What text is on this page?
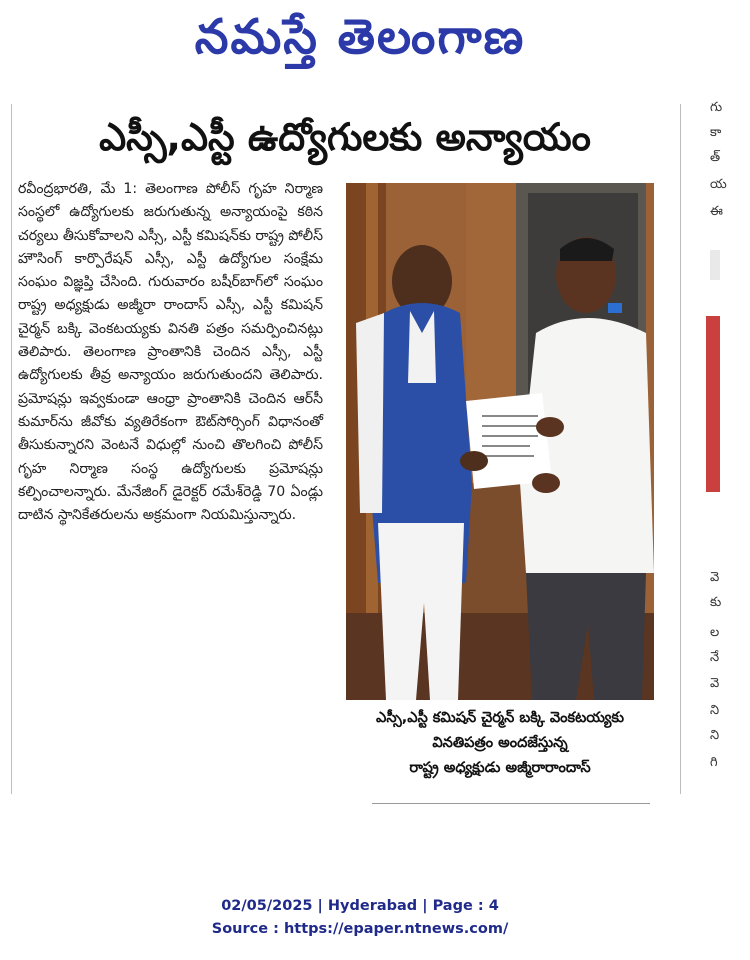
నమస్తే తెలంగాణ
ఎస్సీ,ఎస్టీ ఉద్యోగులకు అన్యాయం
రవీంద్రభారతి, మే 1: తెలంగాణ పోలీస్ గృహ నిర్మాణ సంస్థలో ఉద్యోగులకు జరుగుతున్న అన్యాయంపై కఠిన చర్యలు తీసుకోవాలని ఎస్సీ, ఎస్టీ కమిషన్‌కు రాష్ట్ర పోలీస్ హౌసింగ్ కార్పొరేషన్ ఎస్సీ, ఎస్టీ ఉద్యోగుల సంక్షేమ సంఘం విజ్ఞప్తి చేసింది. గురువారం బషీర్‌బాగ్‌లో సంఘం రాష్ట్ర అధ్యక్షుడు అజ్మీరా రాందాస్ ఎస్సీ, ఎస్టీ కమిషన్ చైర్మన్ బక్కి వెంకటయ్యకు వినతి పత్రం సమర్పించినట్లు తెలిపారు. తెలంగాణ ప్రాంతానికి చెందిన ఎస్సీ, ఎస్టీ ఉద్యోగులకు తీవ్ర అన్యాయం జరుగుతుందని తెలిపారు. ప్రమోషన్లు ఇవ్వకుండా ఆంధ్రా ప్రాంతానికి చెందిన ఆర్‌సీ కుమార్‌ను జీవోకు వ్యతిరేకంగా ఔట్‌సోర్సింగ్ విధానంతో తీసుకున్నారని వెంటనే విధుల్లో నుంచి తొలగించి పోలీస్ గృహ నిర్మాణ సంస్థ ఉద్యోగులకు ప్రమోషన్లు కల్పించాలన్నారు. మేనేజింగ్ డైరెక్టర్ రమేశ్‌రెడ్డి 70 ఏండ్లు దాటిన స్థానికేతరులను అక్రమంగా నియమిస్తున్నారు.
ఎస్సీ,ఎస్టీ కమిషన్ చైర్మన్ బక్కి వెంకటయ్యకు
వినతిపత్రం అందజేస్తున్న
రాష్ట్ర అధ్యక్షుడు అజ్మీరారాందాస్
గు
కా
త్
య
ఈ
వె
కు
ల
నే
వె
ని
ని
గి
02/05/2025 | Hyderabad | Page : 4
Source : https://epaper.ntnews.com/
